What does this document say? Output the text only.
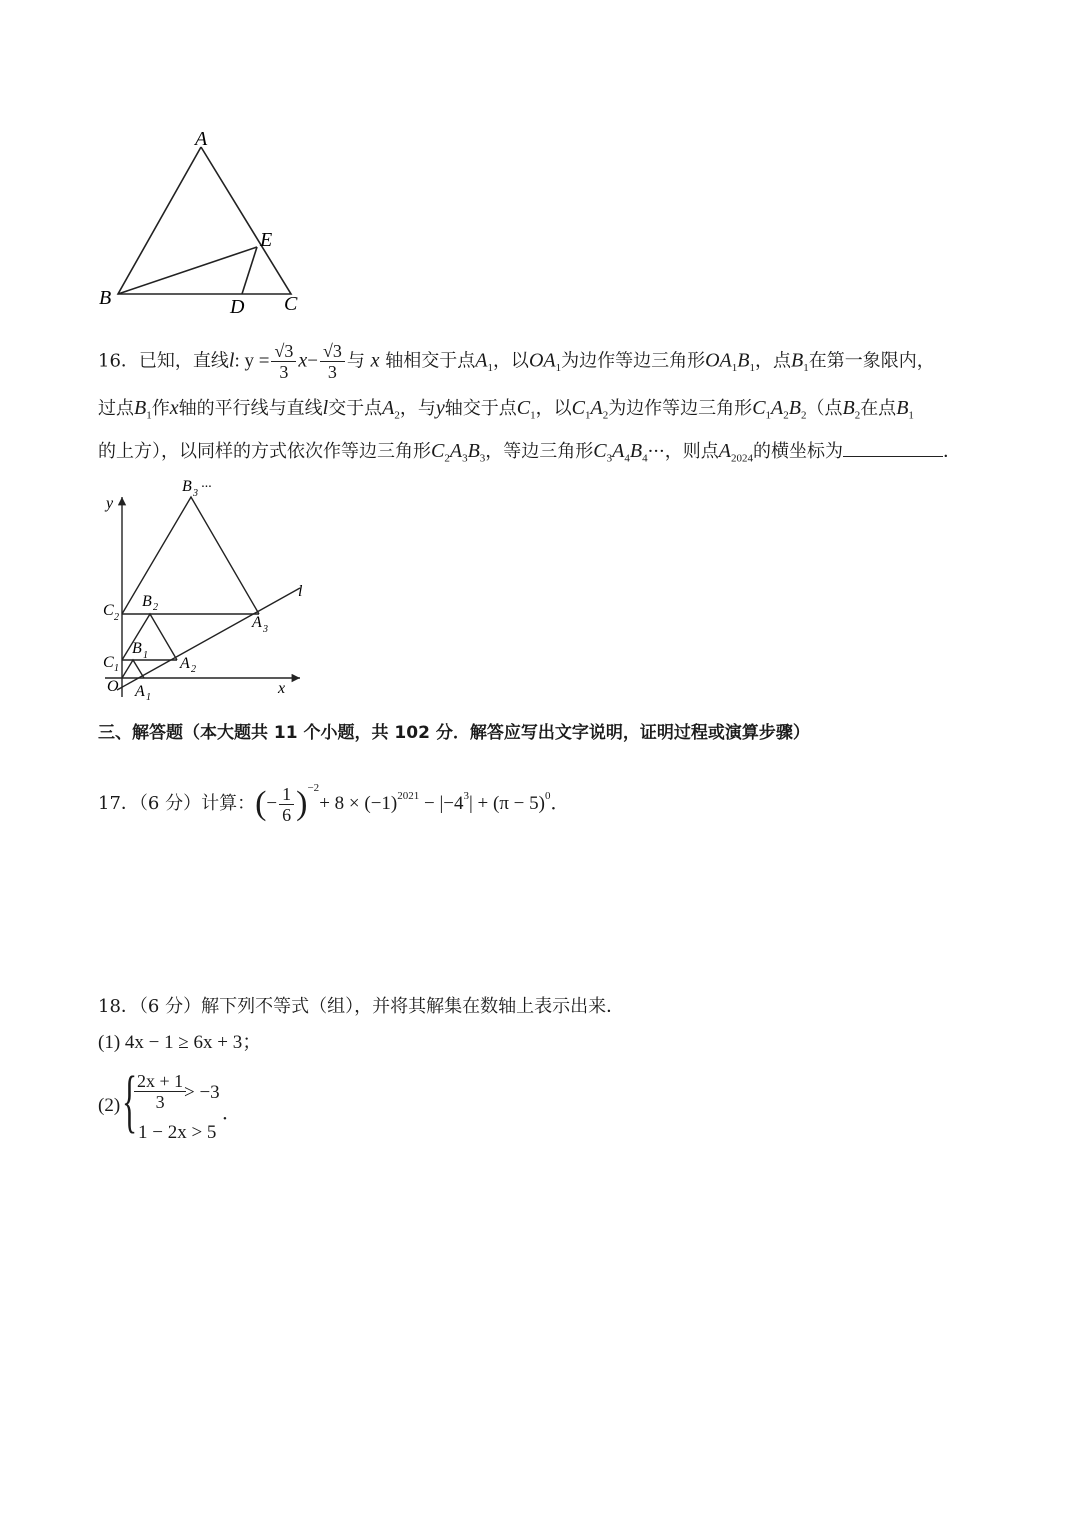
A
B	C
D
E
16．已知，直线l: $y = \frac{√3}{3} x- \frac{√3}{3}$ 与 x 轴相交于点$A_1$，以$OA_1$为边作等边三角形$OA_1B_1$，点$B_1$在第一象限内，
过点$B_1$作x轴的平行线与直线l交于点$A_2$，与y轴交于点$C_1$，以$C_1A_2$为边作等边三角形$C_1A_2B_2$（点$B_2$在点$B_1$
的上方），以同样的方式依次作等边三角形$C_2A_3B_3$，等边三角形$C_3A_4B_4\cdot\cdot\cdot$，则点$A_{2024}$的横坐标为	．
y
x
l
O A 1
A 2
A 3
B 1
B 2
B 3 ···
C 1
C 2
三、解答题（本大题共 11 个小题，共 102 分．解答应写出文字说明，证明过程或演算步骤）
17．（6 分）计算：(− $\frac{1}{6} )^{-2}+ 8 \times (-1)^{2021} - |-4^3| + (\pi - 5)^0$．
18．（6 分）解下列不等式（组），并将其解集在数轴上表示出来．
(1) 4x − 1 ≥ 6x + 3；
(2) {
$\frac{2x + 1}{3}$
> −3
1 − 2x > 5
．
